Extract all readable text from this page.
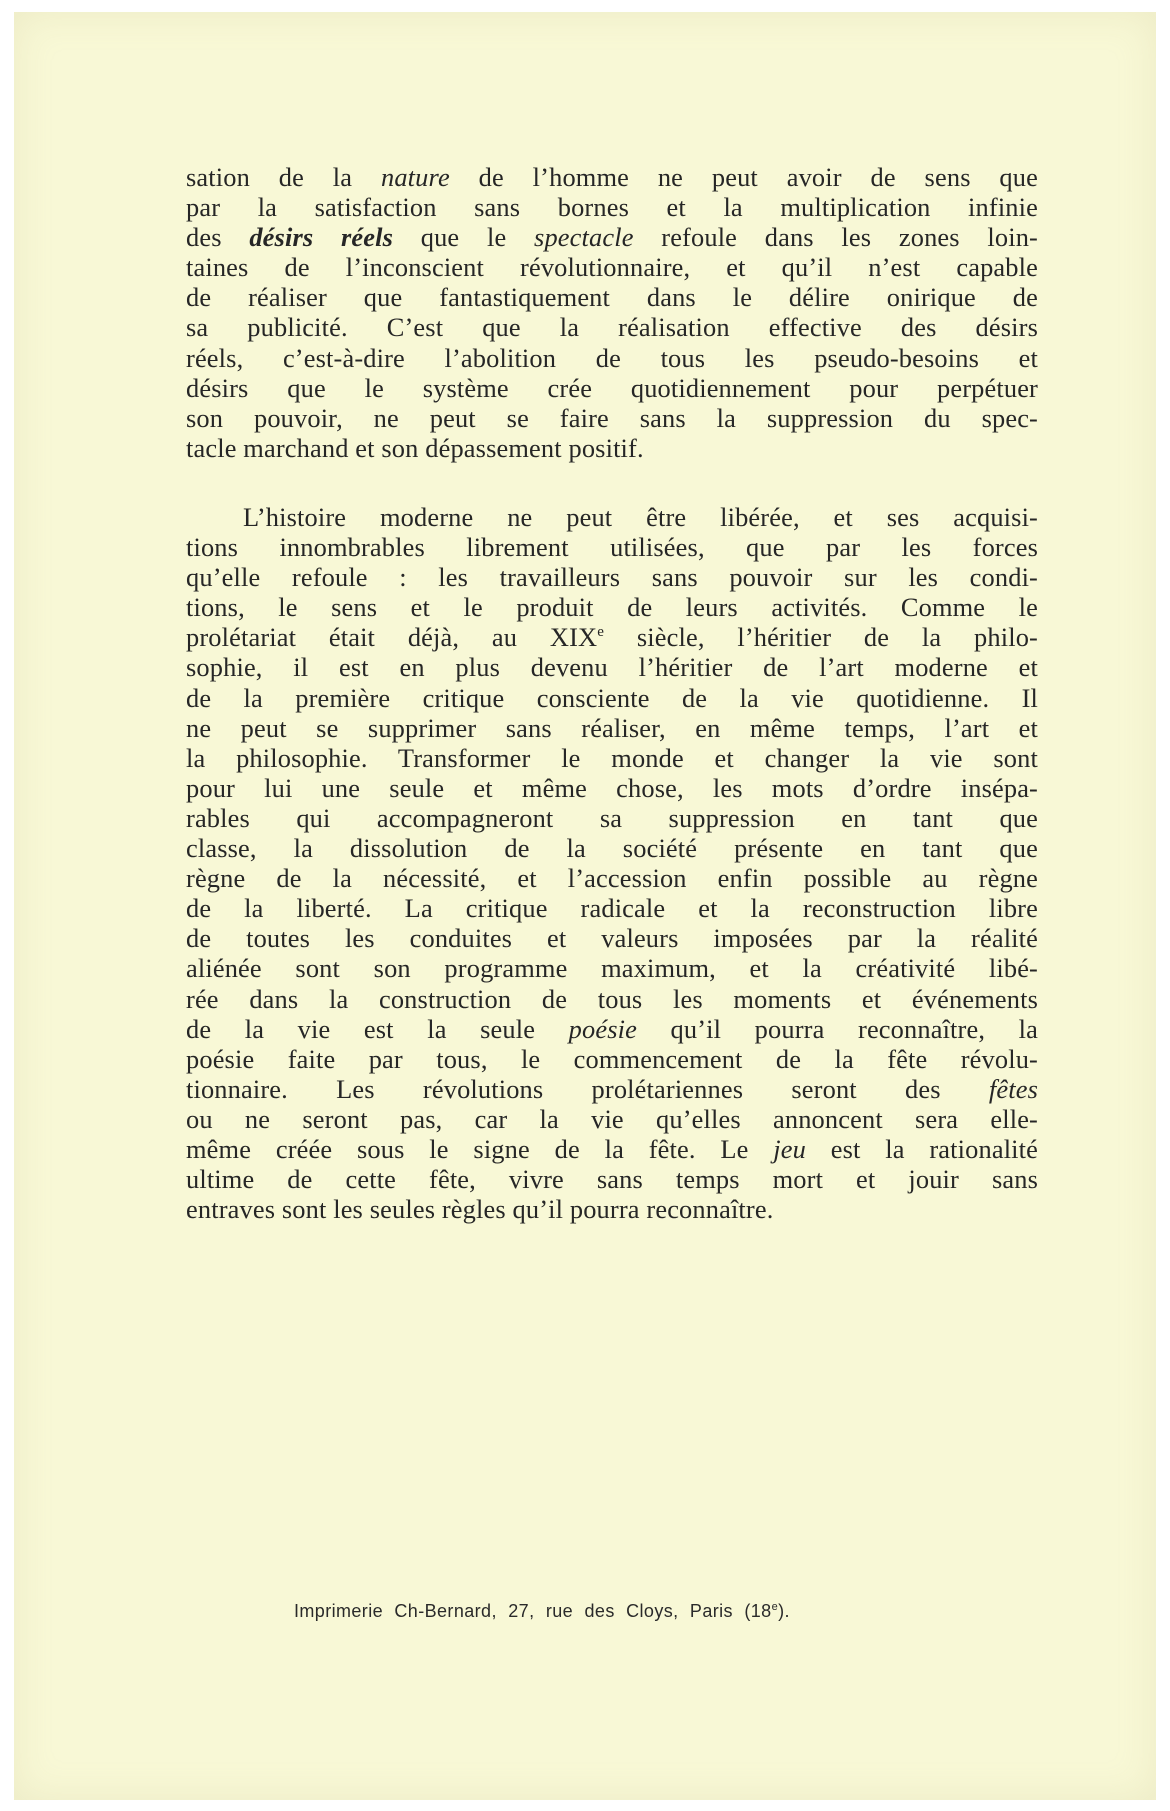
sation de la nature de l’homme ne peut avoir de sens que
par la satisfaction sans bornes et la multiplication infinie
des désirs réels que le spectacle refoule dans les zones loin-
taines de l’inconscient révolutionnaire, et qu’il n’est capable
de réaliser que fantastiquement dans le délire onirique de
sa publicité. C’est que la réalisation effective des désirs
réels, c’est-à-dire l’abolition de tous les pseudo-besoins et
désirs que le système crée quotidiennement pour perpétuer
son pouvoir, ne peut se faire sans la suppression du spec-
tacle marchand et son dépassement positif.
L’histoire moderne ne peut être libérée, et ses acquisi-
tions innombrables librement utilisées, que par les forces
qu’elle refoule : les travailleurs sans pouvoir sur les condi-
tions, le sens et le produit de leurs activités. Comme le
prolétariat était déjà, au XIXe siècle, l’héritier de la philo-
sophie, il est en plus devenu l’héritier de l’art moderne et
de la première critique consciente de la vie quotidienne. Il
ne peut se supprimer sans réaliser, en même temps, l’art et
la philosophie. Transformer le monde et changer la vie sont
pour lui une seule et même chose, les mots d’ordre insépa-
rables qui accompagneront sa suppression en tant que
classe, la dissolution de la société présente en tant que
règne de la nécessité, et l’accession enfin possible au règne
de la liberté. La critique radicale et la reconstruction libre
de toutes les conduites et valeurs imposées par la réalité
aliénée sont son programme maximum, et la créativité libé-
rée dans la construction de tous les moments et événements
de la vie est la seule poésie qu’il pourra reconnaître, la
poésie faite par tous, le commencement de la fête révolu-
tionnaire. Les révolutions prolétariennes seront des fêtes
ou ne seront pas, car la vie qu’elles annoncent sera elle-
même créée sous le signe de la fête. Le jeu est la rationalité
ultime de cette fête, vivre sans temps mort et jouir sans
entraves sont les seules règles qu’il pourra reconnaître.
Imprimerie Ch-Bernard, 27, rue des Cloys, Paris (18e).
